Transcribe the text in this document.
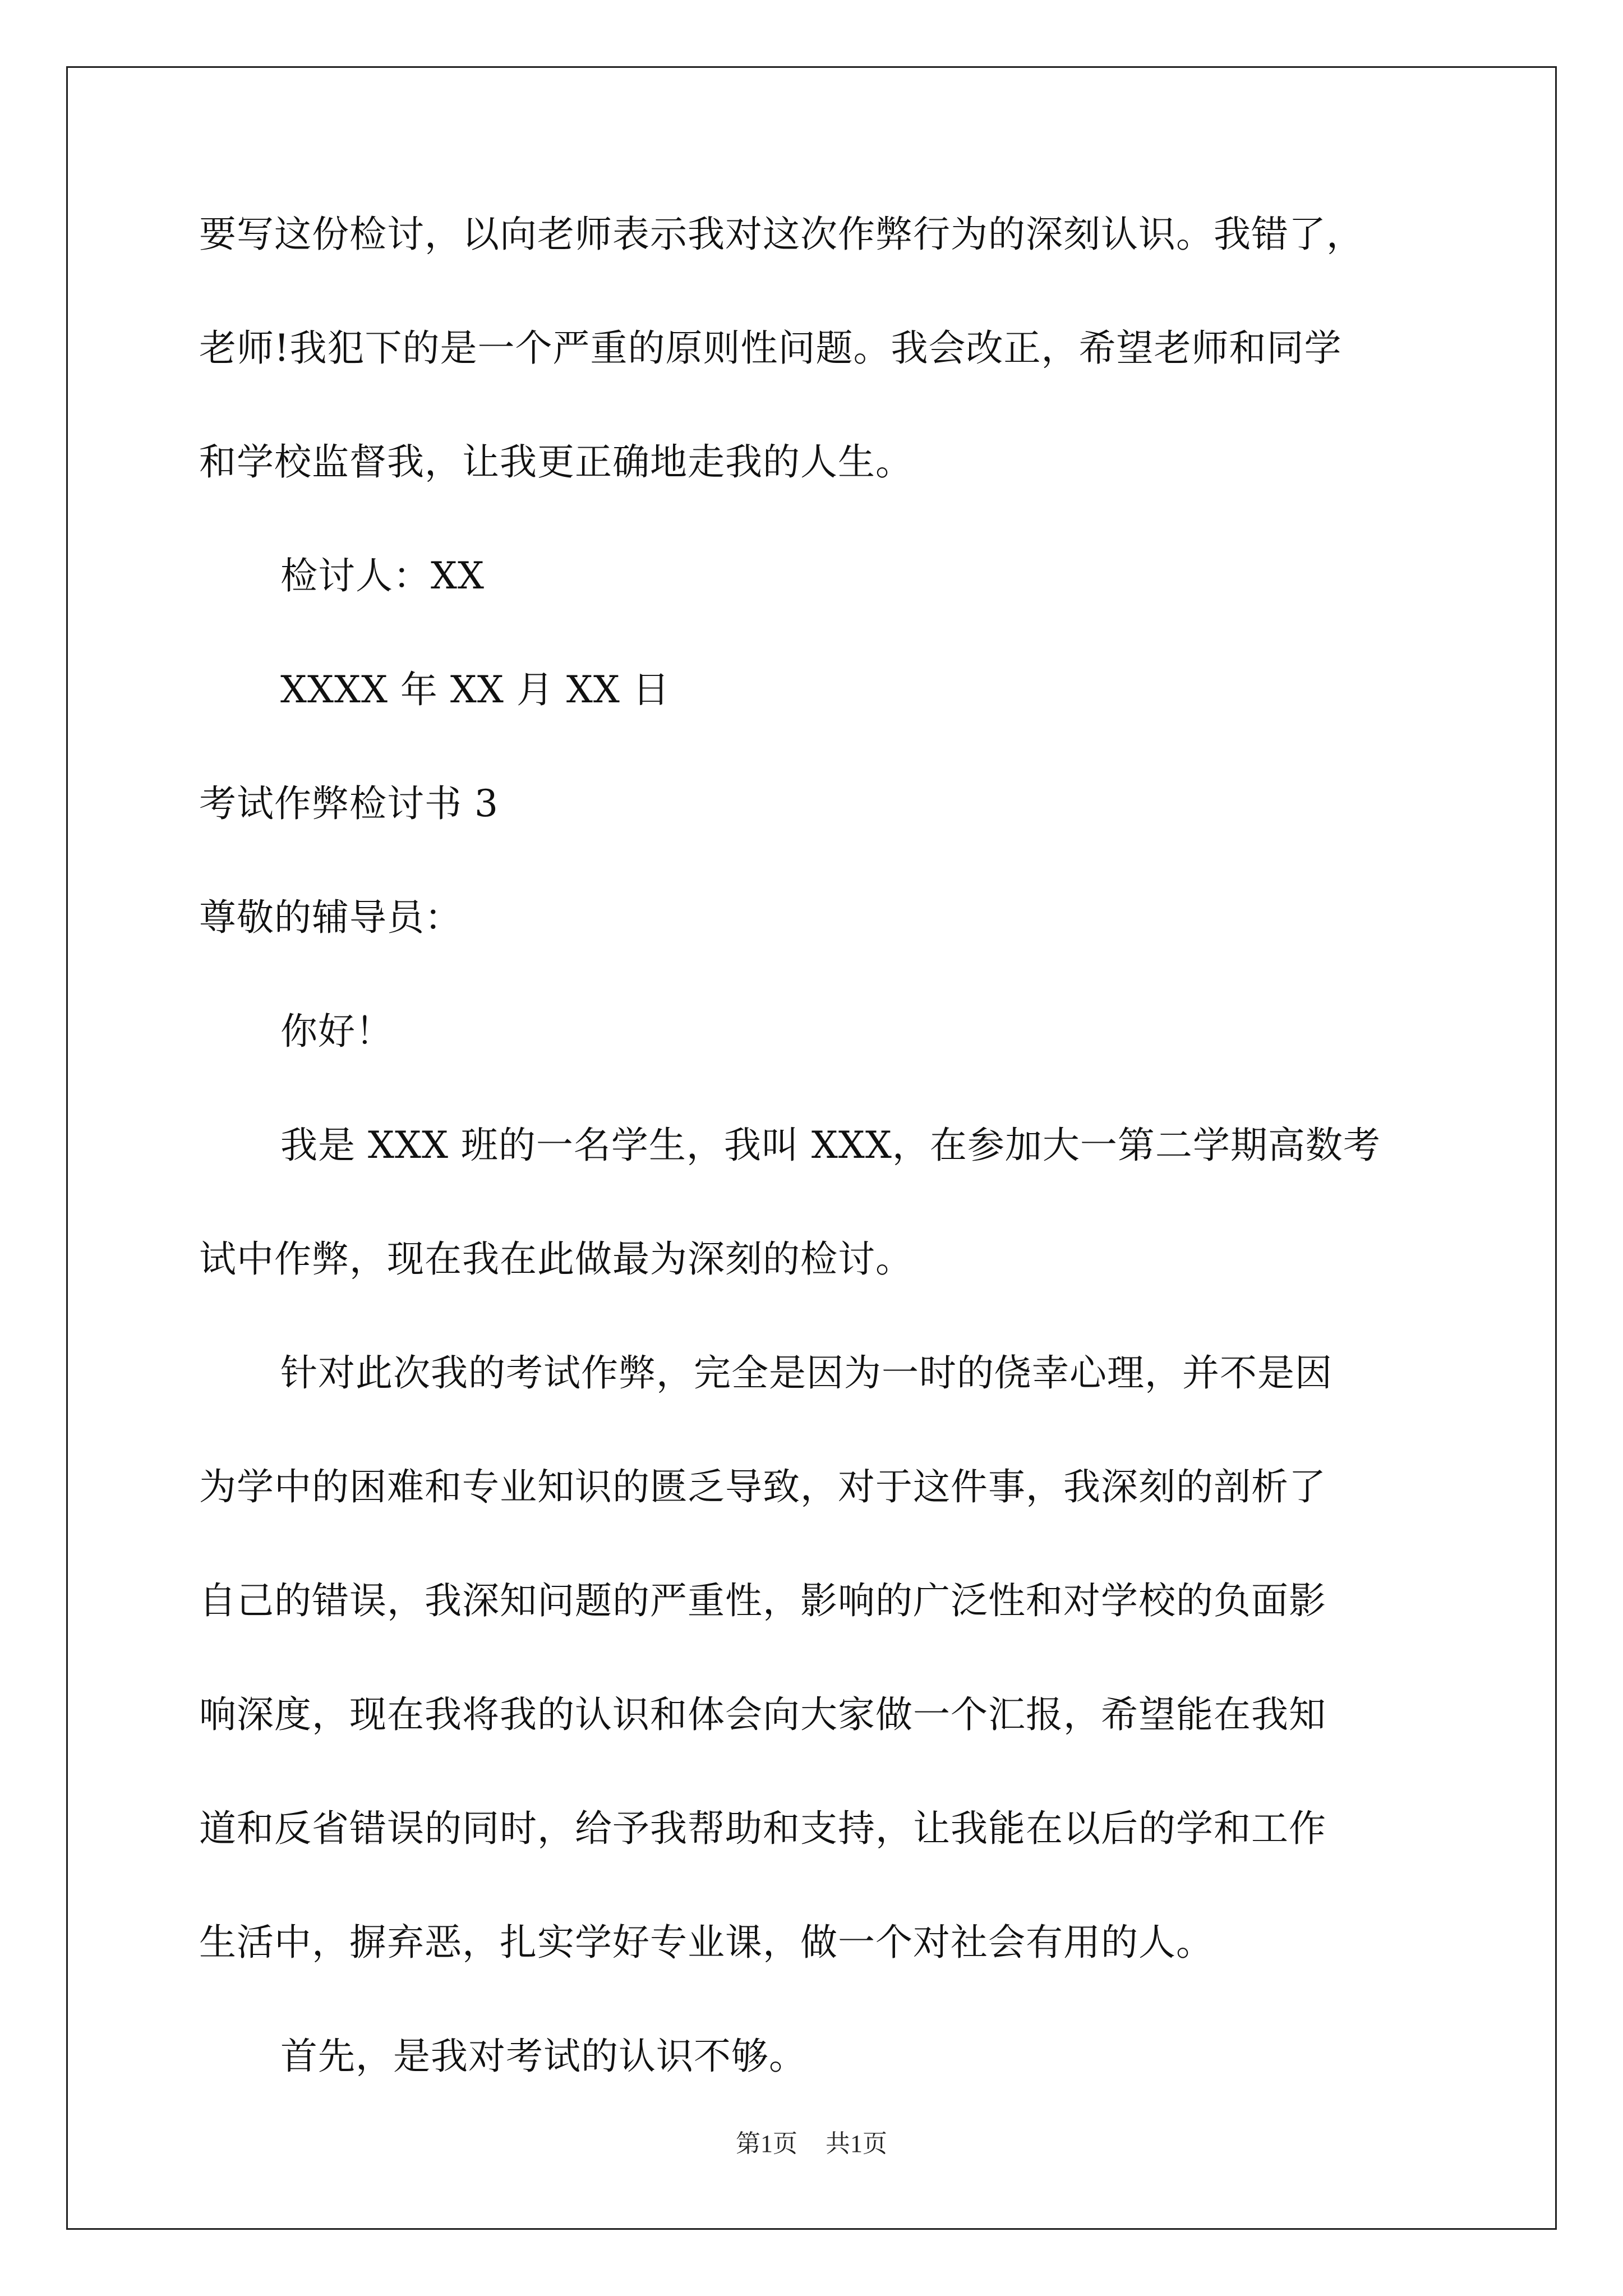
要写这份检讨，以向老师表示我对这次作弊行为的深刻认识。我错了，
老师!我犯下的是一个严重的原则性问题。我会改正，希望老师和同学
和学校监督我，让我更正确地走我的人生。
检讨人：XX
XXXX 年 XX 月 XX 日
考试作弊检讨书 3
尊敬的辅导员：
你好！
我是 XXX 班的一名学生，我叫 XXX，在参加大一第二学期高数考
试中作弊，现在我在此做最为深刻的检讨。
针对此次我的考试作弊，完全是因为一时的侥幸心理，并不是因
为学中的困难和专业知识的匮乏导致，对于这件事，我深刻的剖析了
自己的错误，我深知问题的严重性，影响的广泛性和对学校的负面影
响深度，现在我将我的认识和体会向大家做一个汇报，希望能在我知
道和反省错误的同时，给予我帮助和支持，让我能在以后的学和工作
生活中，摒弃恶，扎实学好专业课，做一个对社会有用的人。
首先，是我对考试的认识不够。
第1页 共1页
